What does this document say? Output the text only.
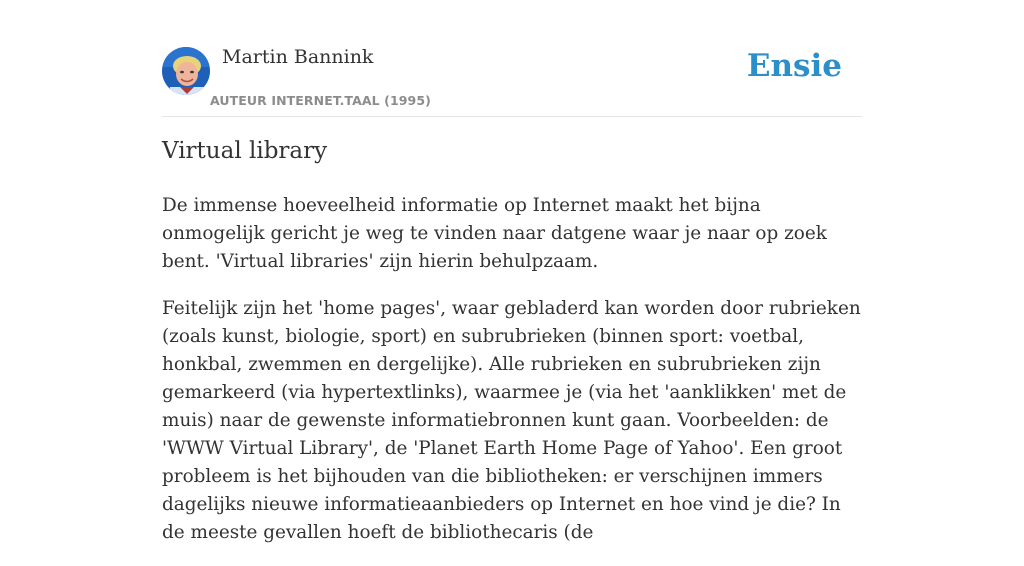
Martin Bannink
AUTEUR INTERNET.TAAL (1995)
Ensie
Virtual library

De immense hoeveelheid informatie op Internet maakt het bijna onmogelijk gericht je weg te vinden naar datgene waar je naar op zoek bent. 'Virtual libraries' zijn hierin behulpzaam.

Feitelijk zijn het 'home pages', waar gebladerd kan worden door rubrieken (zoals kunst, biologie, sport) en subrubrieken (binnen sport: voetbal, honkbal, zwemmen en dergelijke). Alle rubrieken en subrubrieken zijn gemarkeerd (via hypertextlinks), waarmee je (via het 'aanklikken' met de muis) naar de gewenste informatiebronnen kunt gaan. Voorbeelden: de 'WWW Virtual Library', de 'Planet Earth Home Page of Yahoo'. Een groot probleem is het bijhouden van die bibliotheken: er verschijnen immers dagelijks nieuwe informatieaanbieders op Internet en hoe vind je die? In de meeste gevallen hoeft de bibliothecaris (de
